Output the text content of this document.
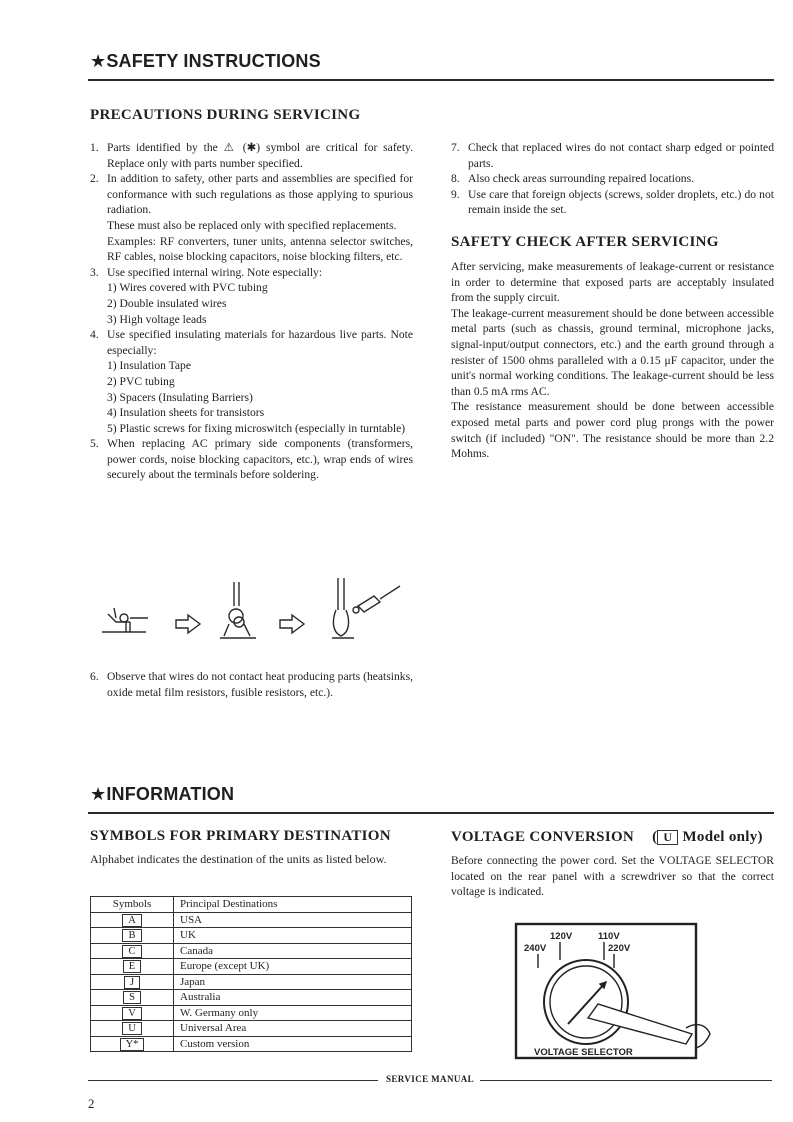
★SAFETY INSTRUCTIONS
PRECAUTIONS DURING SERVICING
1. Parts identified by the ⚠ (✱) symbol are critical for safety. Replace only with parts number specified.
2. In addition to safety, other parts and assemblies are specified for conformance with such regulations as those applying to spurious radiation.
These must also be replaced only with specified replacements.
Examples: RF converters, tuner units, antenna selector switches, RF cables, noise blocking capacitors, noise blocking filters, etc.
3. Use specified internal wiring. Note especially:
1) Wires covered with PVC tubing
2) Double insulated wires
3) High voltage leads
4. Use specified insulating materials for hazardous live parts. Note especially:
1) Insulation Tape
2) PVC tubing
3) Spacers (Insulating Barriers)
4) Insulation sheets for transistors
5) Plastic screws for fixing microswitch (especially in turntable)
5. When replacing AC primary side components (transformers, power cords, noise blocking capacitors, etc.), wrap ends of wires securely about the terminals before soldering.
6. Observe that wires do not contact heat producing parts (heatsinks, oxide metal film resistors, fusible resistors, etc.).
7. Check that replaced wires do not contact sharp edged or pointed parts.
8. Also check areas surrounding repaired locations.
9. Use care that foreign objects (screws, solder droplets, etc.) do not remain inside the set.
SAFETY CHECK AFTER SERVICING
After servicing, make measurements of leakage-current or resistance in order to determine that exposed parts are acceptably insulated from the supply circuit.
The leakage-current measurement should be done between accessible metal parts (such as chassis, ground terminal, microphone jacks, signal-input/output connectors, etc.) and the earth ground through a resister of 1500 ohms paralleled with a 0.15 μF capacitor, under the unit's normal working conditions. The leakage-current should be less than 0.5 mA rms AC.
The resistance measurement should be done between accessible exposed metal parts and power cord plug prongs with the power switch (if included) "ON". The resistance should be more than 2.2 Mohms.
★INFORMATION
SYMBOLS FOR PRIMARY DESTINATION
Alphabet indicates the destination of the units as listed below.
Symbols	Principal Destinations
A	USA
B	UK
C	Canada
E	Europe (except UK)
J	Japan
S	Australia
V	W. Germany only
U	Universal Area
Y*	Custom version
VOLTAGE CONVERSION ( U Model only)
Before connecting the power cord. Set the VOLTAGE SELECTOR located on the rear panel with a screwdriver so that the correct voltage is indicated.
120V	110V
240V	220V
VOLTAGE SELECTOR
SERVICE MANUAL
2
